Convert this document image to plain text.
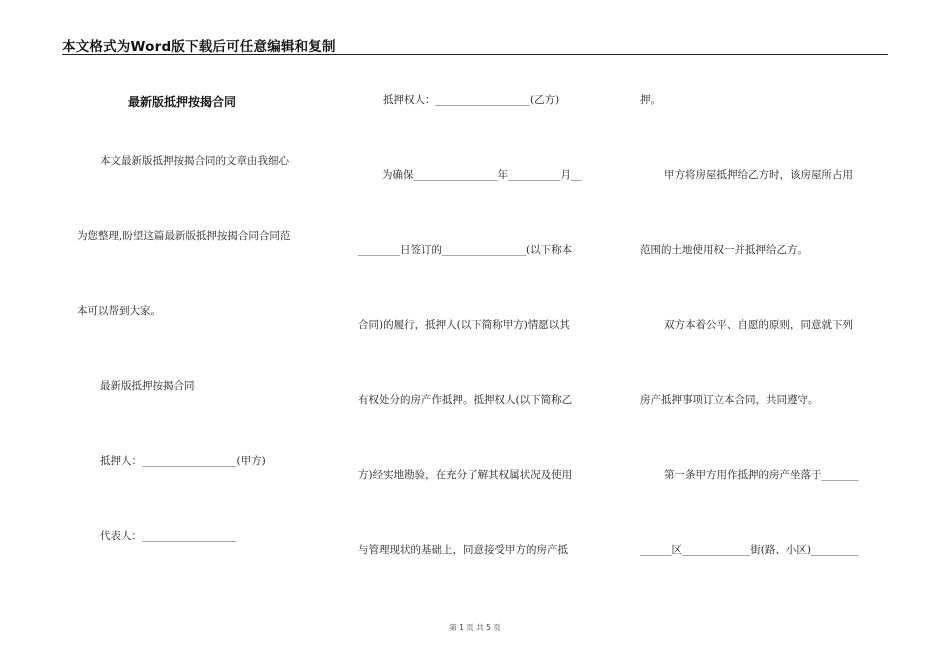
本文格式为Word版下载后可任意编辑和复制
最新版抵押按揭合同
本文最新版抵押按揭合同的文章由我细心
为您整理,盼望这篇最新版抵押按揭合同合同范
本可以帮到大家。
最新版抵押按揭合同
抵押人：__________________(甲方)
代表人：__________________
抵押权人：__________________(乙方)
为确保________________年__________月__
________日签订的________________(以下称本
合同)的履行，抵押人(以下简称甲方)情愿以其
有权处分的房产作抵押。抵押权人(以下简称乙
方)经实地勘验，在充分了解其权属状况及使用
与管理现状的基础上，同意接受甲方的房产抵
押。
甲方将房屋抵押给乙方时，该房屋所占用
范围的土地使用权一并抵押给乙方。
双方本着公平、自愿的原则，同意就下列
房产抵押事项订立本合同，共同遵守。
第一条甲方用作抵押的房产坐落于_______
______区_____________街(路、小区)_________
第 1 页 共 5 页
